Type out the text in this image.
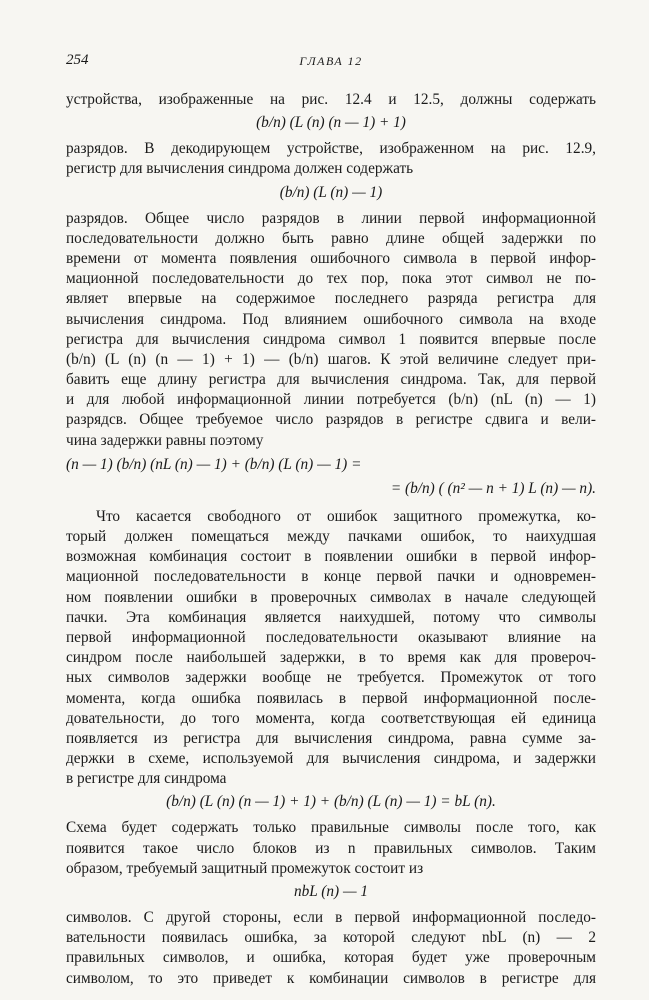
254	ГЛАВА 12
устройства, изображенные на рис. 12.4 и 12.5, должны содержать
(b/n) (L (n) (n — 1) + 1)
разрядов. В декодирующем устройстве, изображенном на рис. 12.9,
регистр для вычисления синдрома должен содержать
(b/n) (L (n) — 1)
разрядов. Общее число разрядов в линии первой информационной
последовательности должно быть равно длине общей задержки по
времени от момента появления ошибочного символа в первой инфор-
мационной последовательности до тех пор, пока этот символ не по-
являет впервые на содержимое последнего разряда регистра для
вычисления синдрома. Под влиянием ошибочного символа на входе
регистра для вычисления синдрома символ 1 появится впервые после
(b/n) (L (n) (n — 1) + 1) — (b/n) шагов. К этой величине следует при-
бавить еще длину регистра для вычисления синдрома. Так, для первой
и для любой информационной линии потребуется (b/n) (nL (n) — 1)
разрядсв. Общее требуемое число разрядов в регистре сдвига и вели-
чина задержки равны поэтому
(n — 1) (b/n) (nL (n) — 1) + (b/n) (L (n) — 1) =
= (b/n) ( (n² — n + 1) L (n) — n).
Что касается свободного от ошибок защитного промежутка, ко-
торый должен помещаться между пачками ошибок, то наихудшая
возможная комбинация состоит в появлении ошибки в первой инфор-
мационной последовательности в конце первой пачки и одновремен-
ном появлении ошибки в проверочных символах в начале следующей
пачки. Эта комбинация является наихудшей, потому что символы
первой информационной последовательности оказывают влияние на
синдром после наибольшей задержки, в то время как для провероч-
ных символов задержки вообще не требуется. Промежуток от того
момента, когда ошибка появилась в первой информационной после-
довательности, до того момента, когда соответствующая ей единица
появляется из регистра для вычисления синдрома, равна сумме за-
держки в схеме, используемой для вычисления синдрома, и задержки
в регистре для синдрома
(b/n) (L (n) (n — 1) + 1) + (b/n) (L (n) — 1) = bL (n).
Схема будет содержать только правильные символы после того, как
появится такое число блоков из n правильных символов. Таким
образом, требуемый защитный промежуток состоит из
nbL (n) — 1
символов. С другой стороны, если в первой информационной последо-
вательности появилась ошибка, за которой следуют nbL (n) — 2
правильных символов, и ошибка, которая будет уже проверочным
символом, то это приведет к комбинации символов в регистре для
